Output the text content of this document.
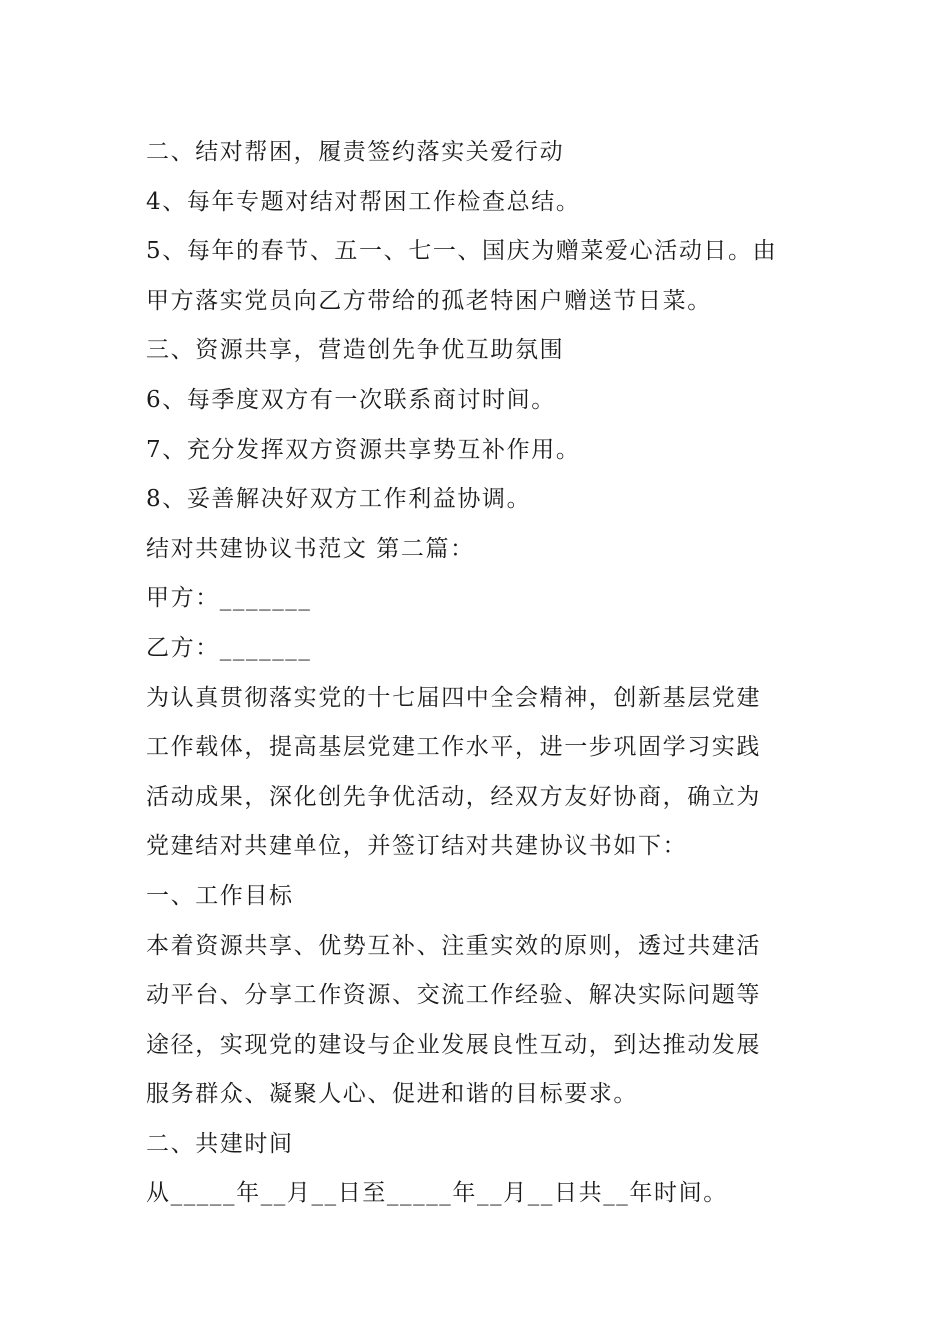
二、结对帮困，履责签约落实关爱行动
4、每年专题对结对帮困工作检查总结。
5、每年的春节、五一、七一、国庆为赠菜爱心活动日。由
甲方落实党员向乙方带给的孤老特困户赠送节日菜。
三、资源共享，营造创先争优互助氛围
6、每季度双方有一次联系商讨时间。
7、充分发挥双方资源共享势互补作用。
8、妥善解决好双方工作利益协调。
结对共建协议书范文 第二篇：
甲方：_______
乙方：_______
为认真贯彻落实党的十七届四中全会精神，创新基层党建
工作载体，提高基层党建工作水平，进一步巩固学习实践
活动成果，深化创先争优活动，经双方友好协商，确立为
党建结对共建单位，并签订结对共建协议书如下：
一、工作目标
本着资源共享、优势互补、注重实效的原则，透过共建活
动平台、分享工作资源、交流工作经验、解决实际问题等
途径，实现党的建设与企业发展良性互动，到达推动发展
服务群众、凝聚人心、促进和谐的目标要求。
二、共建时间
从_____年__月__日至_____年__月__日共__年时间。
